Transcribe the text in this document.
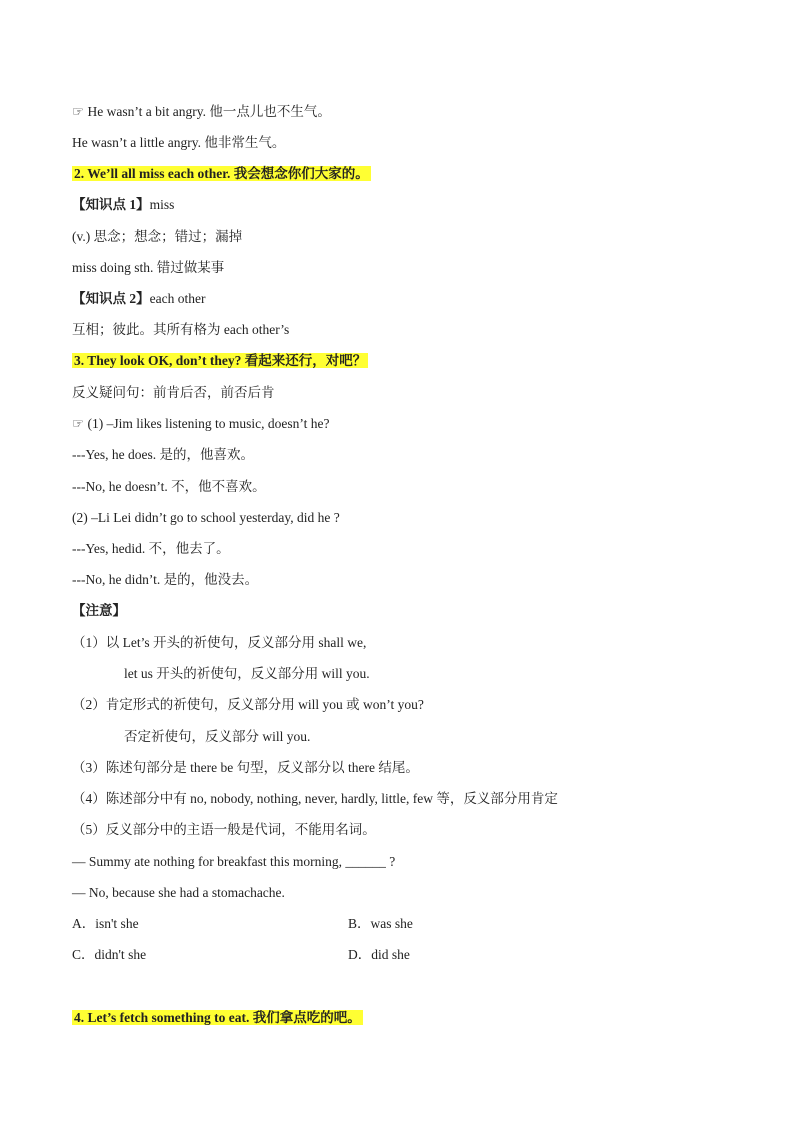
☞ He wasn’t a bit angry. 他一点儿也不生气。
He wasn’t a little angry. 他非常生气。
2. We’ll all miss each other. 我会想念你们大家的。
【知识点 1】miss
(v.) 思念；想念；错过；漏掉
miss doing sth. 错过做某事
【知识点 2】each other
互相；彼此。其所有格为 each other’s
3. They look OK, don’t they? 看起来还行，对吧？
反义疑问句：前肯后否，前否后肯
☞ (1) –Jim likes listening to music, doesn’t he?
---Yes, he does. 是的，他喜欢。
---No, he doesn’t. 不，他不喜欢。
(2) –Li Lei didn’t go to school yesterday, did he ?
---Yes, hedid. 不，他去了。
---No, he didn’t. 是的，他没去。
【注意】
（1）以 Let’s 开头的祈使句，反义部分用 shall we,
let us 开头的祈使句，反义部分用 will you.
（2）肯定形式的祈使句，反义部分用 will you 或 won’t you?
否定祈使句，反义部分 will you.
（3）陈述句部分是 there be 句型，反义部分以 there 结尾。
（4）陈述部分中有 no, nobody, nothing, never, hardly, little, few 等，反义部分用肯定
（5）反义部分中的主语一般是代词，不能用名词。
— Summy ate nothing for breakfast this morning, ______ ?
— No, because she had a stomachache.
A．isn't she	B．was she
C．didn't she	D．did she
4. Let’s fetch something to eat. 我们拿点吃的吧。
